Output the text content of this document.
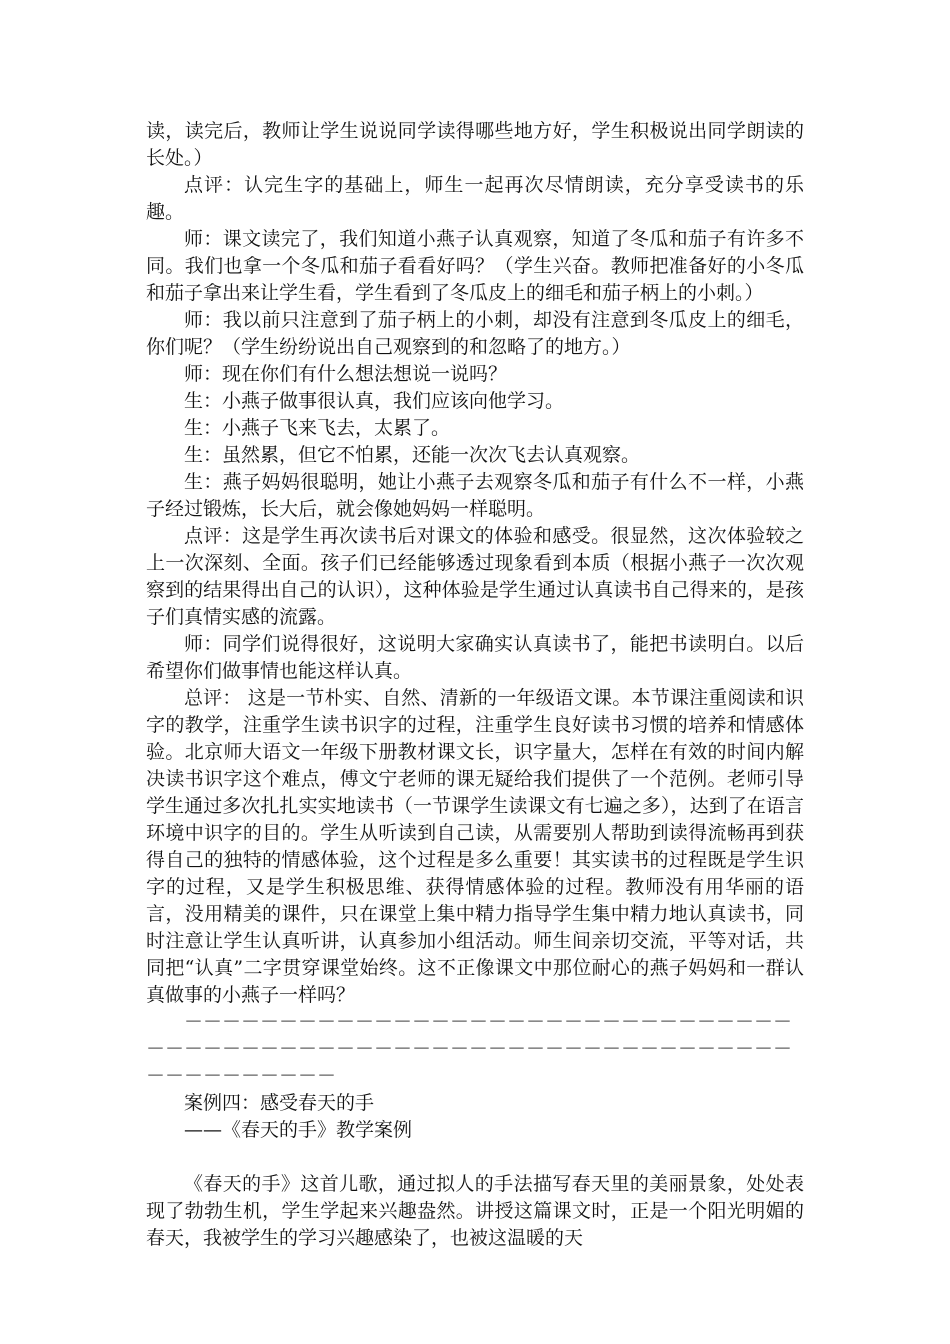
读，读完后，教师让学生说说同学读得哪些地方好，学生积极说出同学朗读的长处。）

点评：认完生字的基础上，师生一起再次尽情朗读，充分享受读书的乐趣。

师：课文读完了，我们知道小燕子认真观察，知道了冬瓜和茄子有许多不同。我们也拿一个冬瓜和茄子看看好吗？（学生兴奋。教师把准备好的小冬瓜和茄子拿出来让学生看，学生看到了冬瓜皮上的细毛和茄子柄上的小刺。）

师：我以前只注意到了茄子柄上的小刺，却没有注意到冬瓜皮上的细毛，你们呢？（学生纷纷说出自己观察到的和忽略了的地方。）

师：现在你们有什么想法想说一说吗？

生：小燕子做事很认真，我们应该向他学习。

生：小燕子飞来飞去，太累了。

生：虽然累，但它不怕累，还能一次次飞去认真观察。

生：燕子妈妈很聪明，她让小燕子去观察冬瓜和茄子有什么不一样，小燕子经过锻炼，长大后，就会像她妈妈一样聪明。

点评：这是学生再次读书后对课文的体验和感受。很显然，这次体验较之上一次深刻、全面。孩子们已经能够透过现象看到本质（根据小燕子一次次观察到的结果得出自己的认识），这种体验是学生通过认真读书自己得来的，是孩子们真情实感的流露。

师：同学们说得很好，这说明大家确实认真读书了，能把书读明白。以后希望你们做事情也能这样认真。

总评： 这是一节朴实、自然、清新的一年级语文课。本节课注重阅读和识字的教学，注重学生读书识字的过程，注重学生良好读书习惯的培养和情感体验。北京师大语文一年级下册教材课文长，识字量大，怎样在有效的时间内解决读书识字这个难点，傅文宁老师的课无疑给我们提供了一个范例。老师引导学生通过多次扎扎实实地读书（一节课学生读课文有七遍之多），达到了在语言环境中识字的目的。学生从听读到自己读，从需要别人帮助到读得流畅再到获得自己的独特的情感体验，这个过程是多么重要！其实读书的过程既是学生识字的过程，又是学生积极思维、获得情感体验的过程。教师没有用华丽的语言，没用精美的课件，只在课堂上集中精力指导学生集中精力地认真读书，同时注意让学生认真听讲，认真参加小组活动。师生间亲切交流，平等对话，共同把“认真”二字贯穿课堂始终。这不正像课文中那位耐心的燕子妈妈和一群认真做事的小燕子一样吗？

－－－－－－－－－－－－－－－－－－－－－－－－－－－－－－－－－－－－－－－－－－－－－－－－－－－－－－－－－－－－－－－－－－－－－－－－－－－－

案例四：感受春天的手

——《春天的手》教学案例

《春天的手》这首儿歌，通过拟人的手法描写春天里的美丽景象，处处表现了勃勃生机，学生学起来兴趣盎然。讲授这篇课文时，正是一个阳光明媚的春天，我被学生的学习兴趣感染了，也被这温暖的天
